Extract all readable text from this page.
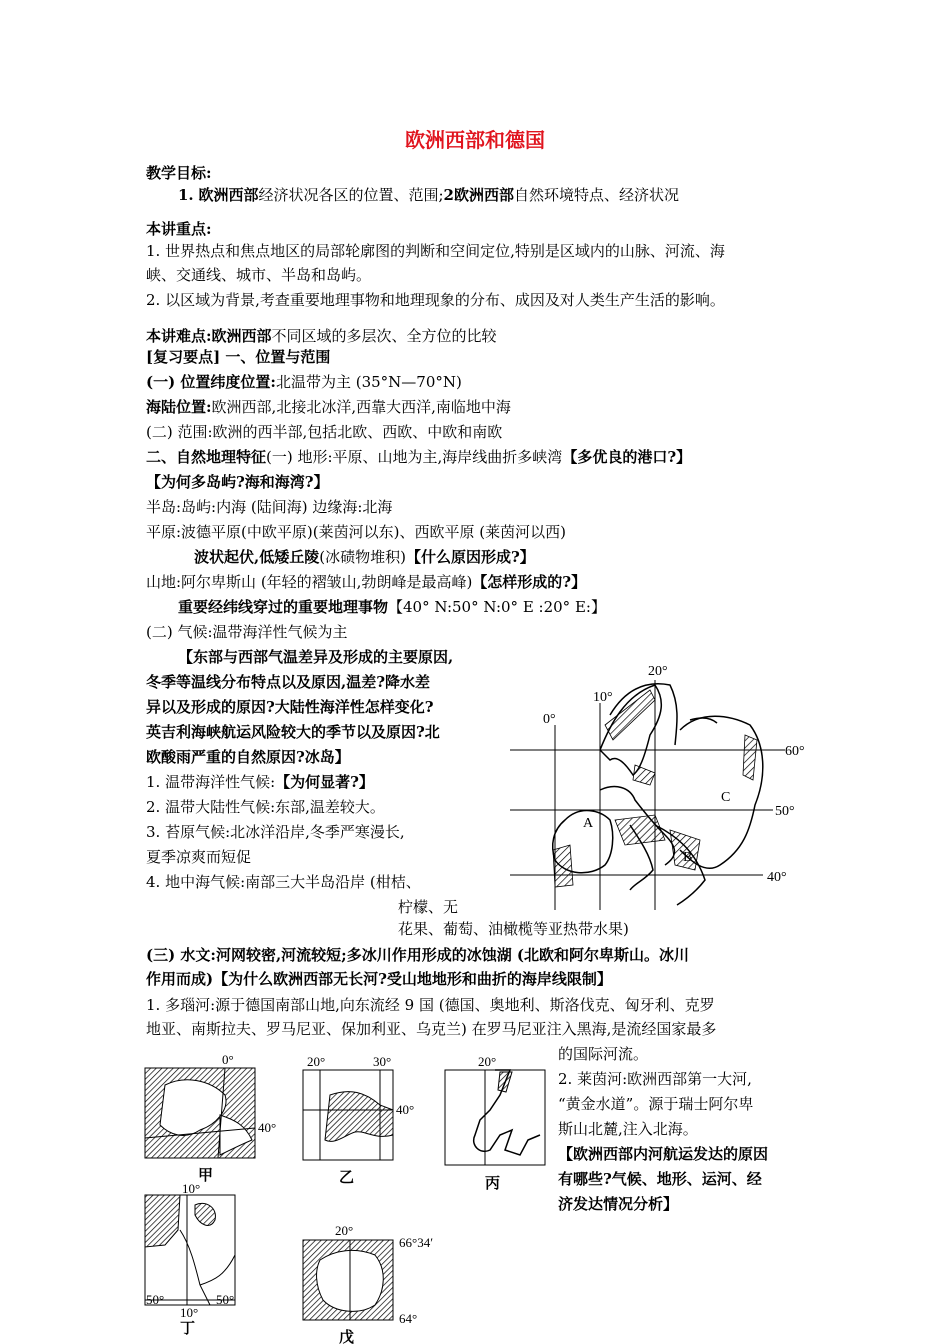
欧洲西部和德国
教学目标:
1. 欧洲西部经济状况各区的位置、范围;2欧洲西部自然环境特点、经济状况
本讲重点:
1. 世界热点和焦点地区的局部轮廓图的判断和空间定位,特别是区域内的山脉、河流、海
峡、交通线、城市、半岛和岛屿。
2. 以区域为背景,考查重要地理事物和地理现象的分布、成因及对人类生产生活的影响。
本讲难点:欧洲西部不同区域的多层次、全方位的比较
[复习要点] 一、位置与范围
(一) 位置纬度位置:北温带为主 (35°N—70°N)
海陆位置:欧洲西部,北接北冰洋,西靠大西洋,南临地中海
(二) 范围:欧洲的西半部,包括北欧、西欧、中欧和南欧
二、自然地理特征(一) 地形:平原、山地为主,海岸线曲折多峡湾【多优良的港口?】
【为何多岛屿?海和海湾?】
半岛:岛屿:内海 (陆间海) 边缘海:北海
平原:波德平原(中欧平原)(莱茵河以东)、西欧平原 (莱茵河以西)
波状起伏,低矮丘陵(冰碛物堆积)【什么原因形成?】
山地:阿尔卑斯山 (年轻的褶皱山,勃朗峰是最高峰)【怎样形成的?】
重要经纬线穿过的重要地理事物【40° N:50° N:0° E :20° E:】
(二) 气候:温带海洋性气候为主
【东部与西部气温差异及形成的主要原因,
冬季等温线分布特点以及原因,温差?降水差
异以及形成的原因?大陆性海洋性怎样变化?
英吉利海峡航运风险较大的季节以及原因?北
欧酸雨严重的自然原因?冰岛】
1. 温带海洋性气候:【为何显著?】
2. 温带大陆性气候:东部,温差较大。
3. 苔原气候:北冰洋沿岸,冬季严寒漫长,
夏季凉爽而短促
4. 地中海气候:南部三大半岛沿岸 (柑桔、
柠檬、无
花果、葡萄、油橄榄等亚热带水果)
0°
10°
20°
60°
50°
40°
A
B
C
(三) 水文:河网较密,河流较短;多冰川作用形成的冰蚀湖 (北欧和阿尔卑斯山。冰川
作用而成)【为什么欧洲西部无长河?受山地地形和曲折的海岸线限制】
1. 多瑙河:源于德国南部山地,向东流经 9 国 (德国、奥地利、斯洛伐克、匈牙利、克罗
地亚、南斯拉夫、罗马尼亚、保加利亚、乌克兰) 在罗马尼亚注入黑海,是流经国家最多
的国际河流。
2. 莱茵河:欧洲西部第一大河,
“黄金水道”。源于瑞士阿尔卑
斯山北麓,注入北海。
【欧洲西部内河航运发达的原因
有哪些?气候、地形、运河、经
济发达情况分析】
0°
40°
甲
20°	30°
40°
乙
20°
丙
10°
50°
10°
50°
丁
20°
66°34′
64°
戊
